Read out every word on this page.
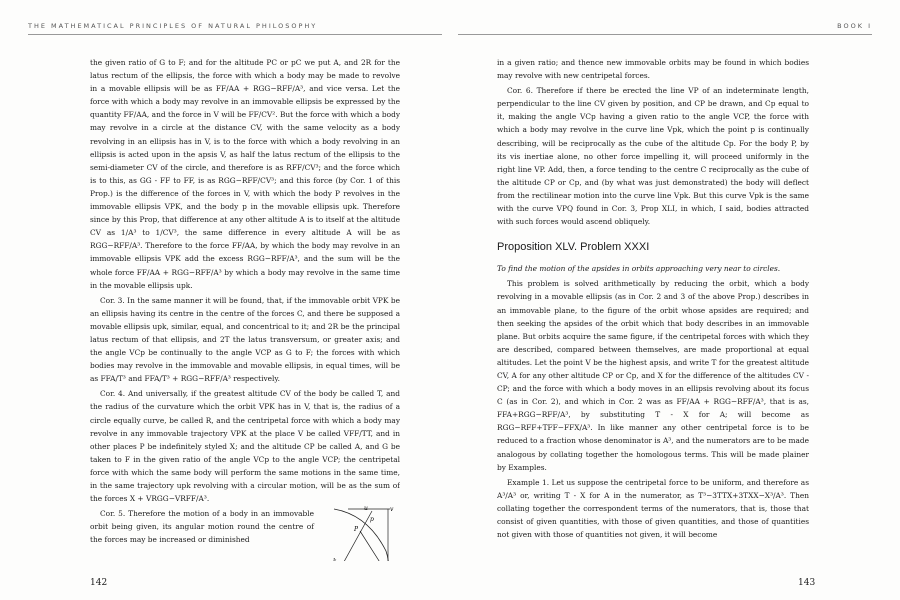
THE MATHEMATICAL PRINCIPLES OF NATURAL PHILOSOPHY	BOOK I

the given ratio of G to F; and for the altitude PC or pC we put A, and 2R for the latus rectum of the ellipsis, the force with which a body may be made to revolve in a movable ellipsis will be as FF/AA + RGG−RFF/A³, and vice versa. Let the force with which a body may revolve in an immovable ellipsis be expressed by the quantity FF/AA, and the force in V will be FF/CV². But the force with which a body may revolve in a circle at the distance CV, with the same velocity as a body revolving in an ellipsis has in V, is to the force with which a body revolving in an ellipsis is acted upon in the apsis V, as half the latus rectum of the ellipsis to the semi-diameter CV of the circle, and therefore is as RFF/CV³; and the force which is to this, as GG - FF to FF, is as RGG−RFF/CV³; and this force (by Cor. 1 of this Prop.) is the difference of the forces in V, with which the body P revolves in the immovable ellipsis VPK, and the body p in the movable ellipsis upk. Therefore since by this Prop, that difference at any other altitude A is to itself at the altitude CV as 1/A³ to 1/CV³, the same difference in every altitude A will be as RGG−RFF/A³. Therefore to the force FF/AA, by which the body may revolve in an immovable ellipsis VPK add the excess RGG−RFF/A³, and the sum will be the whole force FF/AA + RGG−RFF/A³ by which a body may revolve in the same time in the movable ellipsis upk.

Cor. 3. In the same manner it will be found, that, if the immovable orbit VPK be an ellipsis having its centre in the centre of the forces C, and there be supposed a movable ellipsis upk, similar, equal, and concentrical to it; and 2R be the principal latus rectum of that ellipsis, and 2T the latus transversum, or greater axis; and the angle VCp be continually to the angle VCP as G to F; the forces with which bodies may revolve in the immovable and movable ellipsis, in equal times, will be as FFA/T³ and FFA/T³ + RGG−RFF/A³ respectively.

Cor. 4. And universally, if the greatest altitude CV of the body be called T, and the radius of the curvature which the orbit VPK has in V, that is, the radius of a circle equally curve, be called R, and the centripetal force with which a body may revolve in any immovable trajectory VPK at the place V be called VFF/TT, and in other places P be indefinitely styled X; and the altitude CP be called A, and G be taken to F in the given ratio of the angle VCp to the angle VCP; the centripetal force with which the same body will perform the same motions in the same time, in the same trajectory upk revolving with a circular motion, will be as the sum of the forces X + VRGG−VRFF/A³.

v
u
p
P
k
K
C

Cor. 5. Therefore the motion of a body in an immovable orbit being given, its angular motion round the centre of the forces may be increased or diminished

142

in a given ratio; and thence new immovable orbits may be found in which bodies may revolve with new centripetal forces.

Cor. 6. Therefore if there be erected the line VP of an indeterminate length, perpendicular to the line CV given by position, and CP be drawn, and Cp equal to it, making the angle VCp having a given ratio to the angle VCP, the force with which a body may revolve in the curve line Vpk, which the point p is continually describing, will be reciprocally as the cube of the altitude Cp. For the body P, by its vis inertiae alone, no other force impelling it, will proceed uniformly in the right line VP. Add, then, a force tending to the centre C reciprocally as the cube of the altitude CP or Cp, and (by what was just demonstrated) the body will deflect from the rectilinear motion into the curve line Vpk. But this curve Vpk is the same with the curve VPQ found in Cor. 3, Prop XLI, in which, I said, bodies attracted with such forces would ascend obliquely.

Proposition XLV. Problem XXXI

To find the motion of the apsides in orbits approaching very near to circles.

This problem is solved arithmetically by reducing the orbit, which a body revolving in a movable ellipsis (as in Cor. 2 and 3 of the above Prop.) describes in an immovable plane, to the figure of the orbit whose apsides are required; and then seeking the apsides of the orbit which that body describes in an immovable plane. But orbits acquire the same figure, if the centripetal forces with which they are described, compared between themselves, are made proportional at equal altitudes. Let the point V be the highest apsis, and write T for the greatest altitude CV, A for any other altitude CP or Cp, and X for the difference of the altitudes CV - CP; and the force with which a body moves in an ellipsis revolving about its focus C (as in Cor. 2), and which in Cor. 2 was as FF/AA + RGG−RFF/A³, that is as, FFA+RGG−RFF/A³, by substituting T - X for A; will become as RGG−RFF+TFF−FFX/A³. In like manner any other centripetal force is to be reduced to a fraction whose denominator is A³, and the numerators are to be made analogous by collating together the homologous terms. This will be made plainer by Examples.

Example 1. Let us suppose the centripetal force to be uniform, and therefore as A³/A³ or, writing T - X for A in the numerator, as T³−3TTX+3TXX−X³/A³. Then collating together the correspondent terms of the numerators, that is, those that consist of given quantities, with those of given quantities, and those of quantities not given with those of quantities not given, it will become

143
